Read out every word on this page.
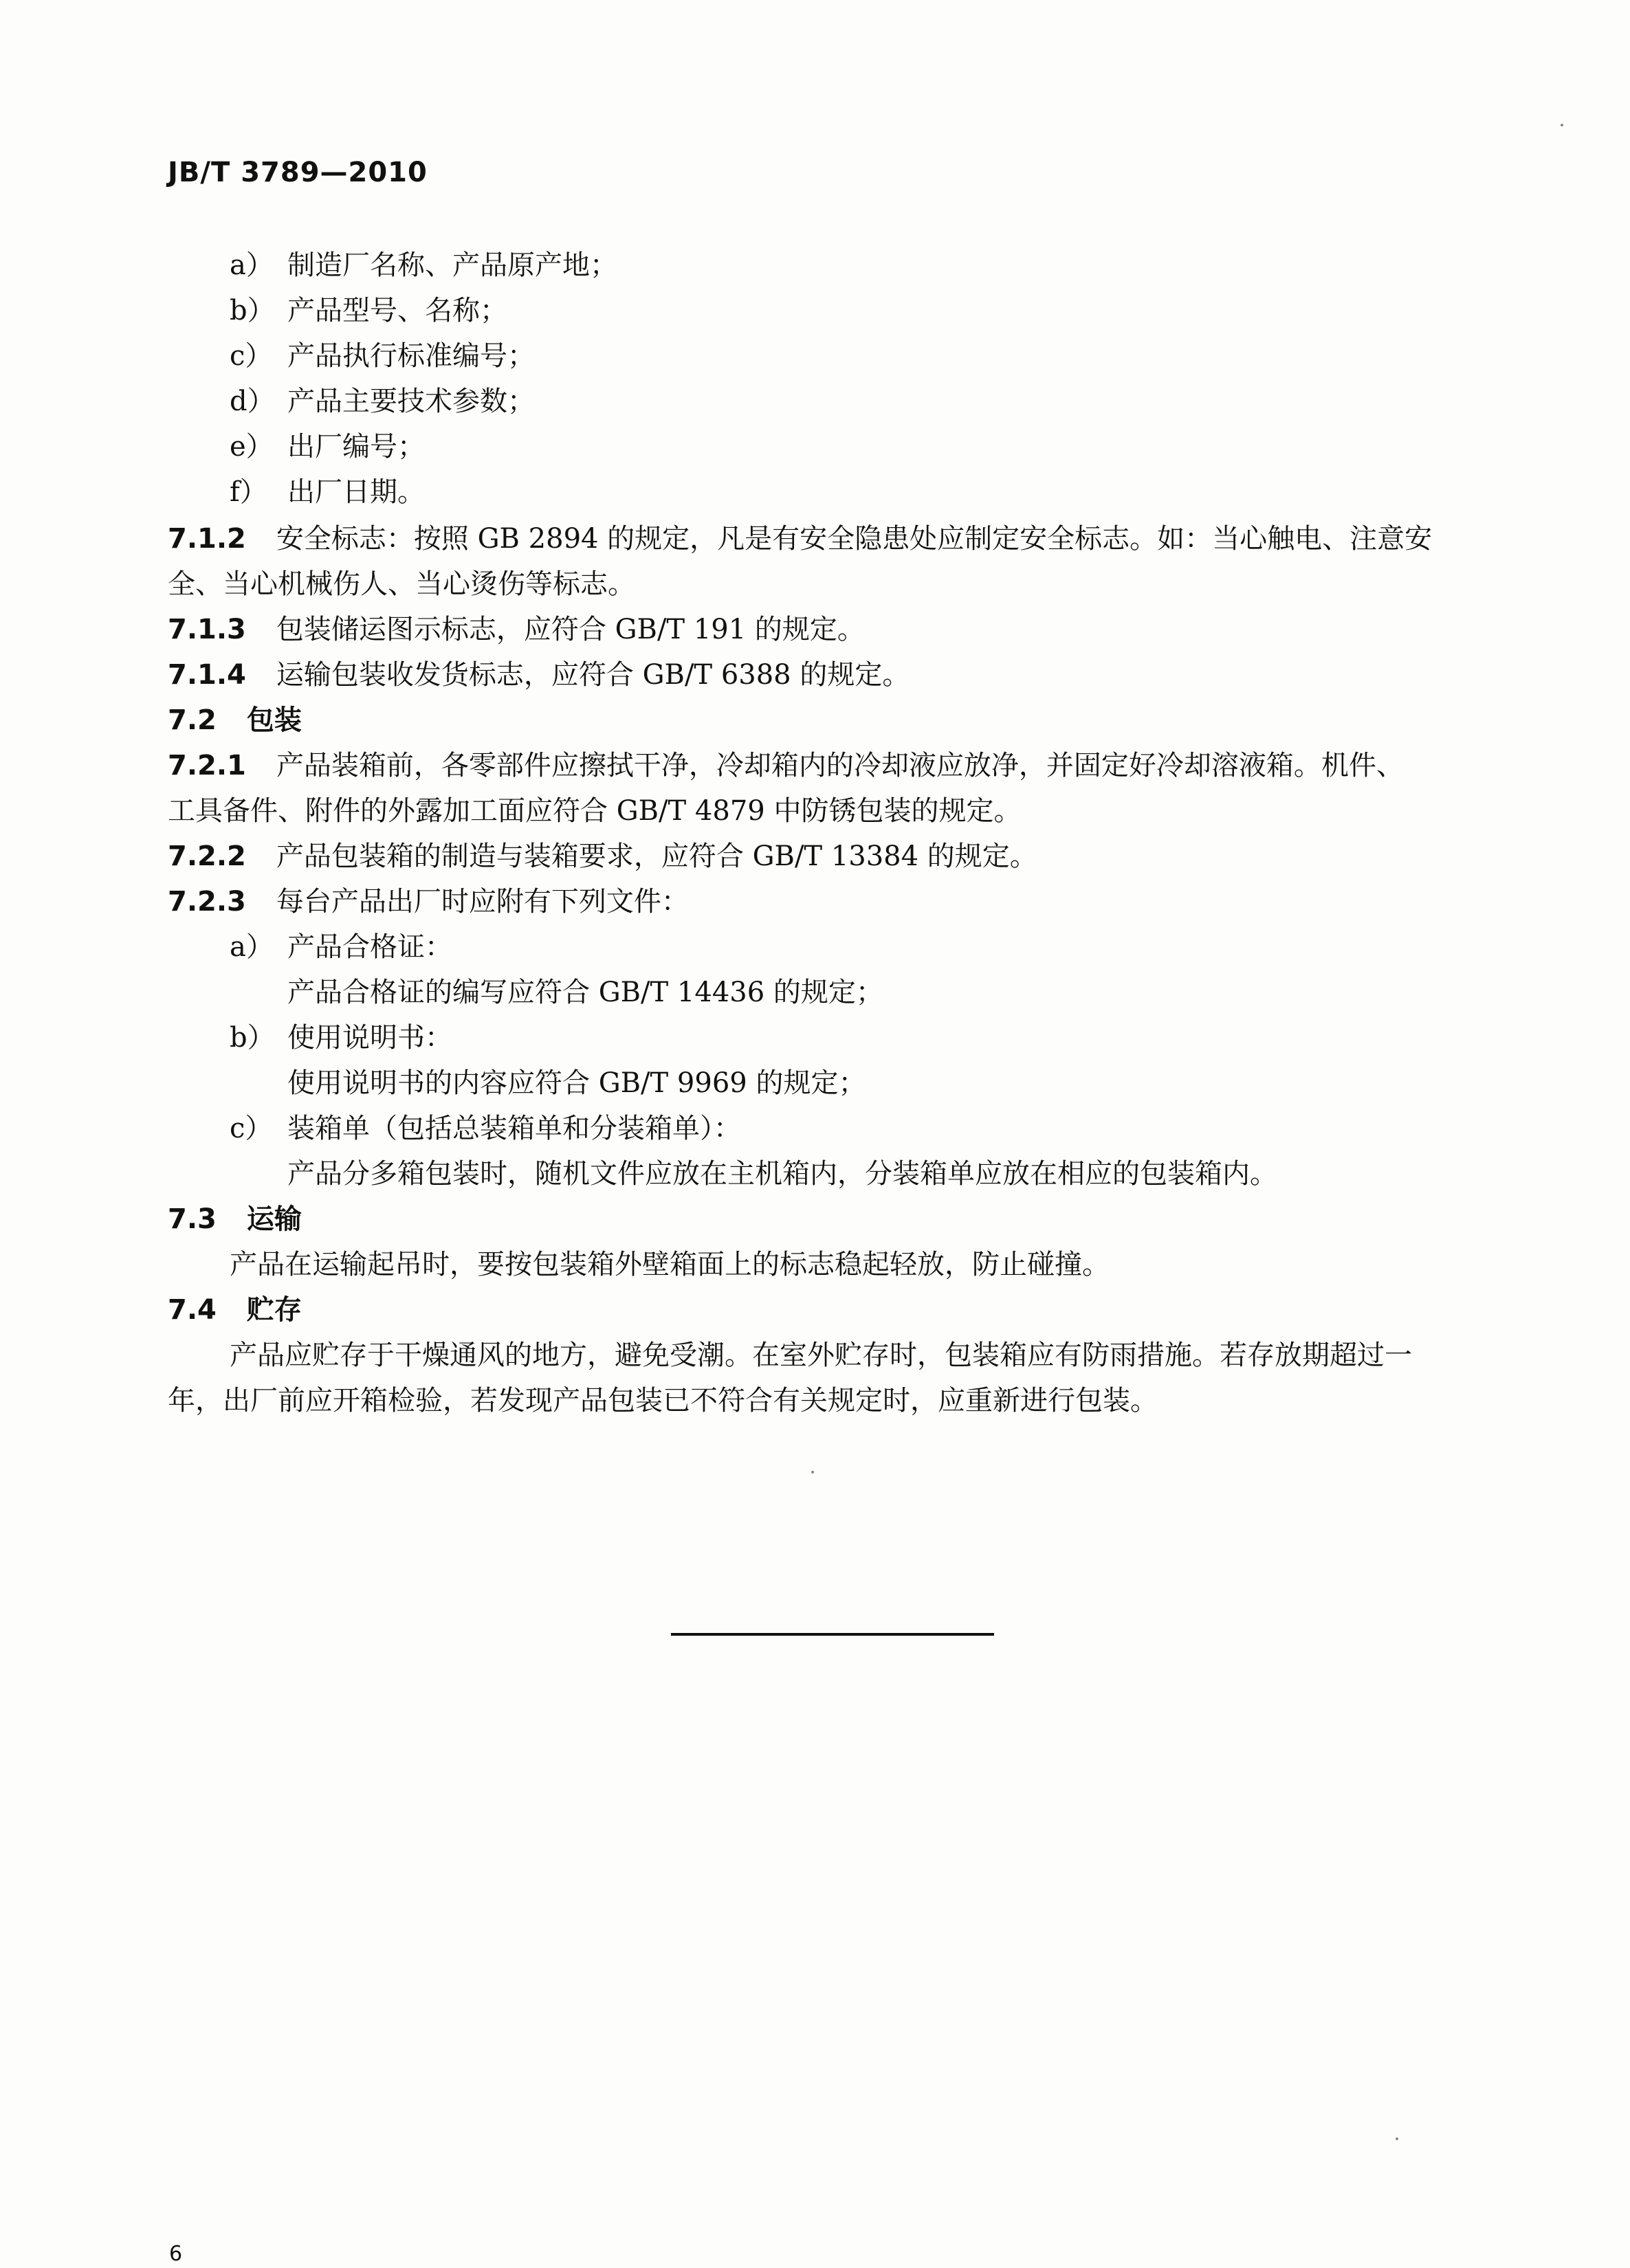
JB/T 3789—2010
a） 制造厂名称、产品原产地；
b） 产品型号、名称；
c） 产品执行标准编号；
d） 产品主要技术参数；
e） 出厂编号；
f） 出厂日期。
7.1.2 安全标志：按照 GB 2894 的规定，凡是有安全隐患处应制定安全标志。如：当心触电、注意安
全、当心机械伤人、当心烫伤等标志。
7.1.3 包装储运图示标志，应符合 GB/T 191 的规定。
7.1.4 运输包装收发货标志，应符合 GB/T 6388 的规定。
7.2 包装
7.2.1 产品装箱前，各零部件应擦拭干净，冷却箱内的冷却液应放净，并固定好冷却溶液箱。机件、
工具备件、附件的外露加工面应符合 GB/T 4879 中防锈包装的规定。
7.2.2 产品包装箱的制造与装箱要求，应符合 GB/T 13384 的规定。
7.2.3 每台产品出厂时应附有下列文件：
a） 产品合格证：
产品合格证的编写应符合 GB/T 14436 的规定；
b） 使用说明书：
使用说明书的内容应符合 GB/T 9969 的规定；
c） 装箱单（包括总装箱单和分装箱单）：
产品分多箱包装时，随机文件应放在主机箱内，分装箱单应放在相应的包装箱内。
7.3 运输
产品在运输起吊时，要按包装箱外壁箱面上的标志稳起轻放，防止碰撞。
7.4 贮存
产品应贮存于干燥通风的地方，避免受潮。在室外贮存时，包装箱应有防雨措施。若存放期超过一
年，出厂前应开箱检验，若发现产品包装已不符合有关规定时，应重新进行包装。
6
